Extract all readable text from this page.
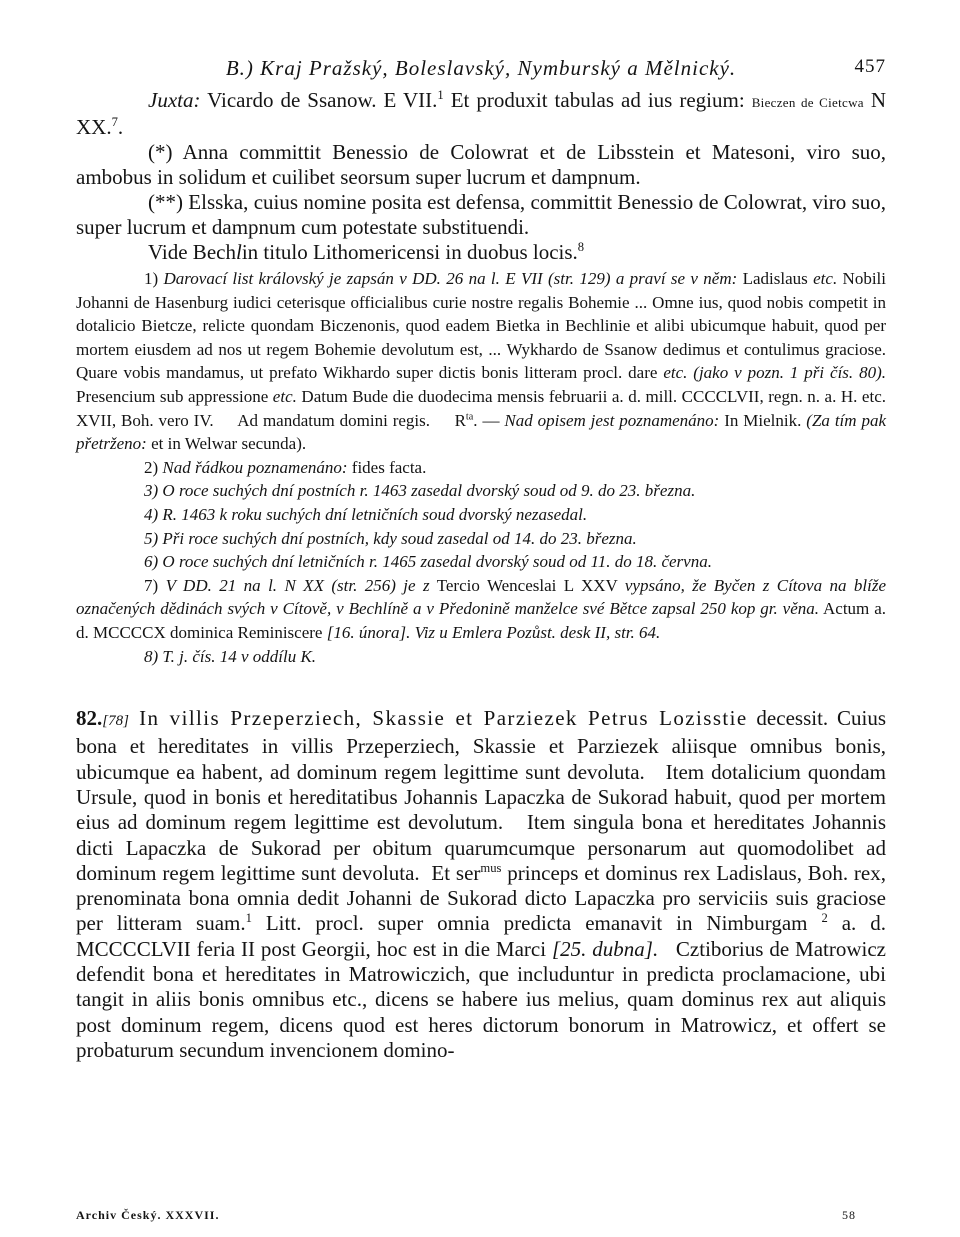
B.) Kraj Pražský, Boleslavský, Nymburský a Mělnický.	457

Juxta: Vicardo de Ssanow. E VII.$^1$ Et produxit tabulas ad ius regium: Bieczen de Cietcwa N XX.$^7$.

(*) Anna committit Benessio de Colowrat et de Libsstein et Matesoni, viro suo, ambobus in solidum et cuilibet seorsum super lucrum et dampnum.

(**) Elsska, cuius nomine posita est defensa, committit Benessio de Colowrat, viro suo, super lucrum et dampnum cum potestate substituendi.

Vide Bechlin titulo Lithomericensi in duobus locis.$^8$

1) Darovací list královský je zapsán v DD. 26 na l. E VII (str. 129) a praví se v něm: Ladislaus etc. Nobili Johanni de Hasenburg iudici ceterisque officialibus curie nostre regalis Bohemie ... Omne ius, quod nobis competit in dotalicio Bietcze, relicte quondam Biczenonis, quod eadem Bietka in Bechlinie et alibi ubicumque habuit, quod per mortem eiusdem ad nos ut regem Bohemie devolutum est, ... Wykhardo de Ssanow dedimus et contulimus graciose. Quare vobis mandamus, ut prefato Wikhardo super dictis bonis litteram procl. dare etc. (jako v pozn. 1 při čís. 80). Presencium sub appressione etc. Datum Bude die duodecima mensis februarii a. d. mill. CCCCLVII, regn. n. a. H. etc. XVII, Boh. vero IV.     Ad mandatum domini regis.     $R^{ta}$. — Nad opisem jest poznamenáno: In Mielnik. (Za tím pak přetrženo: et in Welwar secunda).

2) Nad řádkou poznamenáno: fides facta.

3) O roce suchých dní postních r. 1463 zasedal dvorský soud od 9. do 23. března.

4) R. 1463 k roku suchých dní letničních soud dvorský nezasedal.

5) Při roce suchých dní postních, kdy soud zasedal od 14. do 23. března.

6) O roce suchých dní letničních r. 1465 zasedal dvorský soud od 11. do 18. června.

7) V DD. 21 na l. N XX (str. 256) je z Tercio Wenceslai L XXV vypsáno, že Byčen z Cítova na blíže označených dědinách svých v Cítově, v Bechlíně a v Předonině manželce své Bětce zapsal 250 kop gr. věna. Actum a. d. MCCCCX dominica Reminiscere [16. února]. Viz u Emlera Pozůst. desk II, str. 64.

8) T. j. čís. 14 v oddílu K.

82.[78] In villis Przeperziech, Skassie et Parziezek Petrus Lozisstie decessit. Cuius bona et hereditates in villis Przeperziech, Skassie et Parziezek aliisque omnibus bonis, ubicumque ea habent, ad dominum regem legittime sunt devoluta.   Item dotalicium quondam Ursule, quod in bonis et hereditatibus Johannis Lapaczka de Sukorad habuit, quod per mortem eius ad dominum regem legittime est devolutum.   Item singula bona et hereditates Johannis dicti Lapaczka de Sukorad per obitum quarumcumque personarum aut quomodolibet ad dominum regem legittime sunt devoluta.  Et ser$^{mus}$ princeps et dominus rex Ladislaus, Boh. rex, prenominata bona omnia dedit Johanni de Sukorad dicto Lapaczka pro serviciis suis graciose per litteram suam.$^1$ Litt. procl. super omnia predicta emanavit in Nimburgam $^2$ a. d. MCCCCLVII feria II post Georgii, hoc est in die Marci [25. dubna].   Cztiborius de Matrowicz defendit bona et hereditates in Matrowiczich, que includuntur in predicta proclamacione, ubi tangit in aliis bonis omnibus etc., dicens se habere ius melius, quam dominus rex aut aliquis post dominum regem, dicens quod est heres dictorum bonorum in Matrowicz, et offert se probaturum secundum invencionem domino-

Archiv Český. XXXVII.	58
